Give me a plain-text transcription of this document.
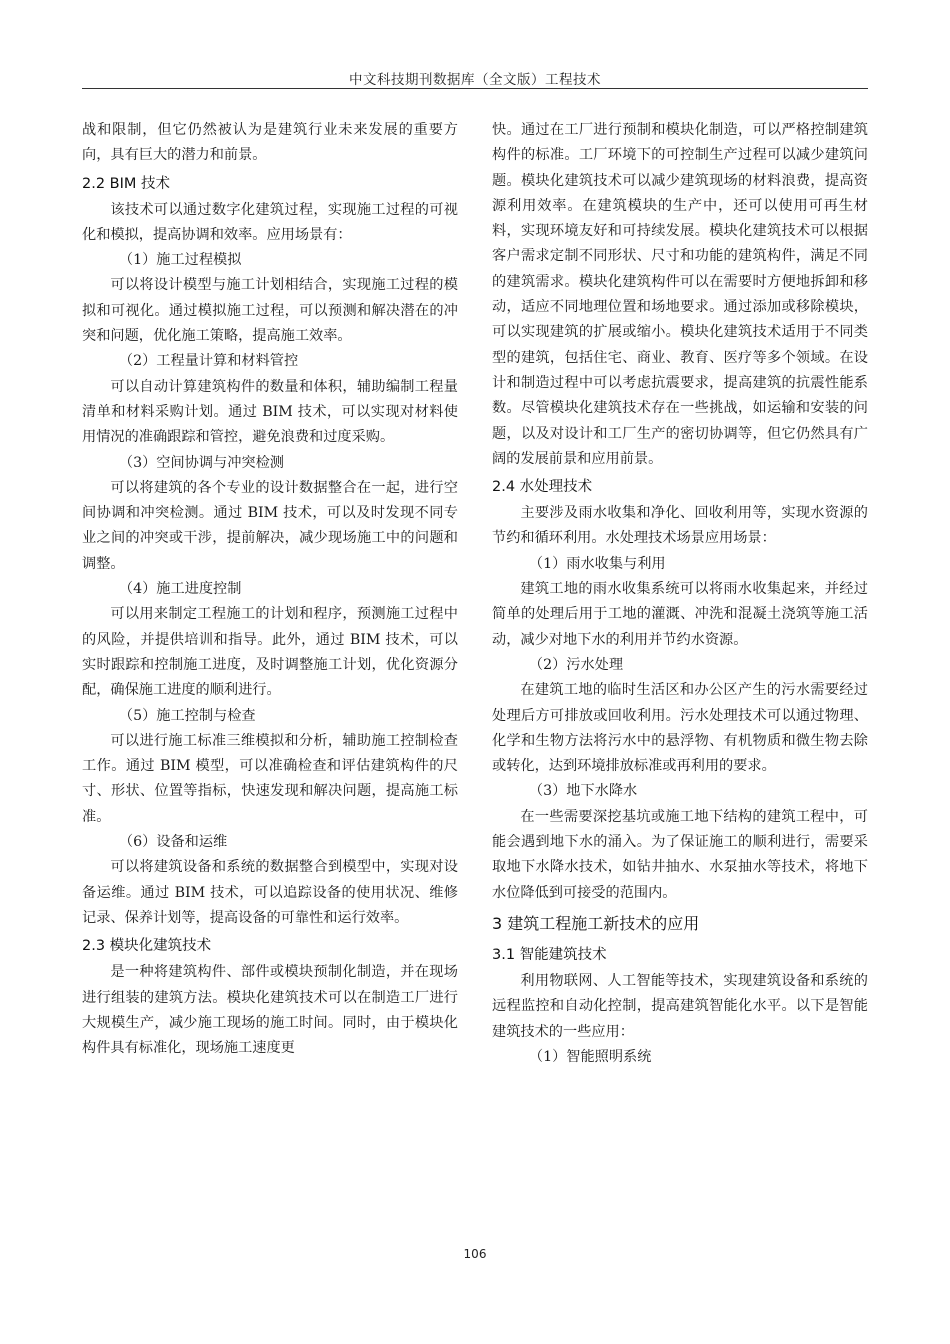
中文科技期刊数据库（全文版）工程技术

战和限制，但它仍然被认为是建筑行业未来发展的重要方向，具有巨大的潜力和前景。

2.2 BIM 技术

该技术可以通过数字化建筑过程，实现施工过程的可视化和模拟，提高协调和效率。应用场景有：

（1）施工过程模拟

可以将设计模型与施工计划相结合，实现施工过程的模拟和可视化。通过模拟施工过程，可以预测和解决潜在的冲突和问题，优化施工策略，提高施工效率。

（2）工程量计算和材料管控

可以自动计算建筑构件的数量和体积，辅助编制工程量清单和材料采购计划。通过 BIM 技术，可以实现对材料使用情况的准确跟踪和管控，避免浪费和过度采购。

（3）空间协调与冲突检测

可以将建筑的各个专业的设计数据整合在一起，进行空间协调和冲突检测。通过 BIM 技术，可以及时发现不同专业之间的冲突或干涉，提前解决，减少现场施工中的问题和调整。

（4）施工进度控制

可以用来制定工程施工的计划和程序，预测施工过程中的风险，并提供培训和指导。此外，通过 BIM 技术，可以实时跟踪和控制施工进度，及时调整施工计划，优化资源分配，确保施工进度的顺利进行。

（5）施工控制与检查

可以进行施工标准三维模拟和分析，辅助施工控制检查工作。通过 BIM 模型，可以准确检查和评估建筑构件的尺寸、形状、位置等指标，快速发现和解决问题，提高施工标准。

（6）设备和运维

可以将建筑设备和系统的数据整合到模型中，实现对设备运维。通过 BIM 技术，可以追踪设备的使用状况、维修记录、保养计划等，提高设备的可靠性和运行效率。

2.3 模块化建筑技术

是一种将建筑构件、部件或模块预制化制造，并在现场进行组装的建筑方法。模块化建筑技术可以在制造工厂进行大规模生产，减少施工现场的施工时间。同时，由于模块化构件具有标准化，现场施工速度更

快。通过在工厂进行预制和模块化制造，可以严格控制建筑构件的标准。工厂环境下的可控制生产过程可以减少建筑问题。模块化建筑技术可以减少建筑现场的材料浪费，提高资源利用效率。在建筑模块的生产中，还可以使用可再生材料，实现环境友好和可持续发展。模块化建筑技术可以根据客户需求定制不同形状、尺寸和功能的建筑构件，满足不同的建筑需求。模块化建筑构件可以在需要时方便地拆卸和移动，适应不同地理位置和场地要求。通过添加或移除模块，可以实现建筑的扩展或缩小。模块化建筑技术适用于不同类型的建筑，包括住宅、商业、教育、医疗等多个领域。在设计和制造过程中可以考虑抗震要求，提高建筑的抗震性能系数。尽管模块化建筑技术存在一些挑战，如运输和安装的问题，以及对设计和工厂生产的密切协调等，但它仍然具有广阔的发展前景和应用前景。

2.4 水处理技术

主要涉及雨水收集和净化、回收利用等，实现水资源的节约和循环利用。水处理技术场景应用场景：

（1）雨水收集与利用

建筑工地的雨水收集系统可以将雨水收集起来，并经过简单的处理后用于工地的灌溉、冲洗和混凝土浇筑等施工活动，减少对地下水的利用并节约水资源。

（2）污水处理

在建筑工地的临时生活区和办公区产生的污水需要经过处理后方可排放或回收利用。污水处理技术可以通过物理、化学和生物方法将污水中的悬浮物、有机物质和微生物去除或转化，达到环境排放标准或再利用的要求。

（3）地下水降水

在一些需要深挖基坑或施工地下结构的建筑工程中，可能会遇到地下水的涌入。为了保证施工的顺利进行，需要采取地下水降水技术，如钻井抽水、水泵抽水等技术，将地下水位降低到可接受的范围内。

3 建筑工程施工新技术的应用
3.1 智能建筑技术

利用物联网、人工智能等技术，实现建筑设备和系统的远程监控和自动化控制，提高建筑智能化水平。以下是智能建筑技术的一些应用：

（1）智能照明系统

106
